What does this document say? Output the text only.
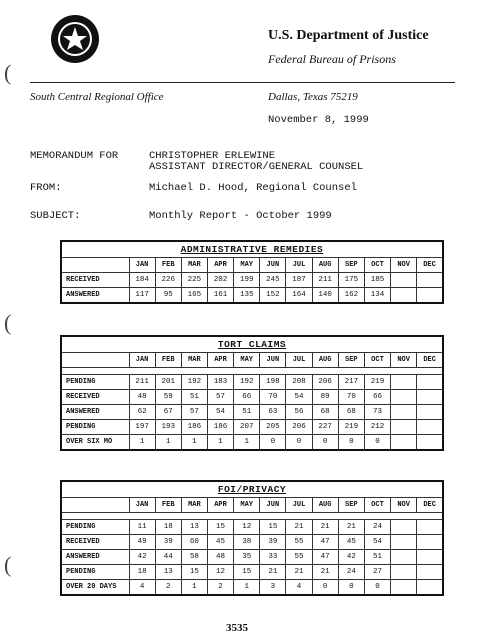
U.S. Department of Justice
Federal Bureau of Prisons
South Central Regional Office	Dallas, Texas 75219
November 8, 1999
MEMORANDUM FOR	CHRISTOPHER ERLEWINE
ASSISTANT DIRECTOR/GENERAL COUNSEL
FROM:	Michael D. Hood, Regional Counsel
SUBJECT:	Monthly Report - October 1999
(
(
(
ADMINISTRATIVE REMEDIES												
	JAN	FEB	MAR	APR	MAY	JUN	JUL	AUG	SEP	OCT	NOV	DEC
RECEIVED	184	226	225	202	199	245	187	211	175	185		
ANSWERED	117	95	165	161	135	152	164	140	162	134		
TORT CLAIMS												
	JAN	FEB	MAR	APR	MAY	JUN	JUL	AUG	SEP	OCT	NOV	DEC

PENDING	211	201	192	183	192	198	208	206	217	219		
RECEIVED	48	59	51	57	66	70	54	89	70	66		
ANSWERED	62	67	57	54	51	63	56	68	68	73		
PENDING	197	193	186	186	207	205	206	227	219	212		
OVER SIX MO	1	1	1	1	1	0	0	0	0	0		
FOI/PRIVACY												
	JAN	FEB	MAR	APR	MAY	JUN	JUL	AUG	SEP	OCT	NOV	DEC

PENDING	11	18	13	15	12	15	21	21	21	24		
RECEIVED	49	39	60	45	38	39	55	47	45	54		
ANSWERED	42	44	58	48	35	33	55	47	42	51		
PENDING	18	13	15	12	15	21	21	21	24	27		
OVER 20 DAYS	4	2	1	2	1	3	4	0	0	0		
3535
